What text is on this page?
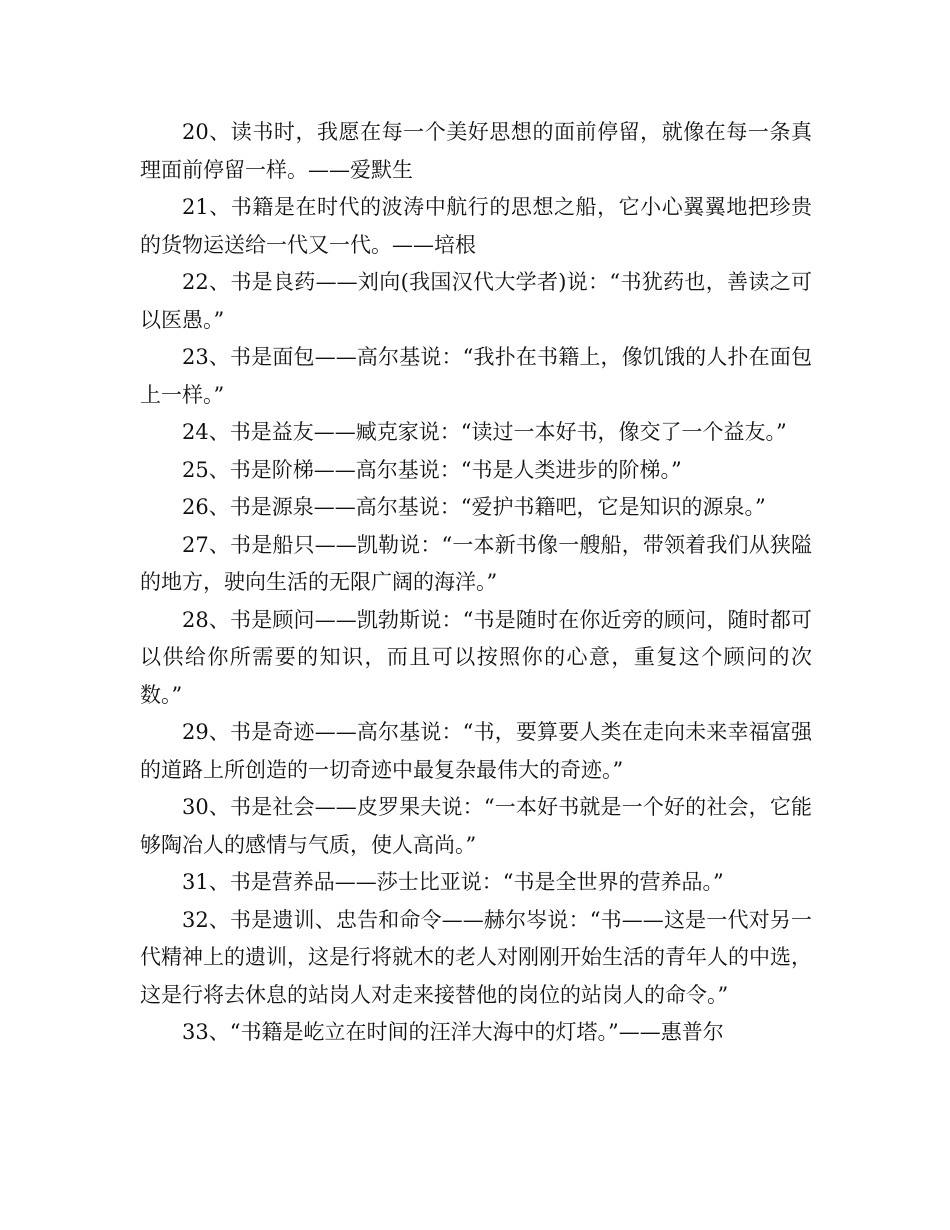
20、读书时，我愿在每一个美好思想的面前停留，就像在每一条真理面前停留一样。——爱默生

21、书籍是在时代的波涛中航行的思想之船，它小心翼翼地把珍贵的货物运送给一代又一代。——培根

22、书是良药——刘向(我国汉代大学者)说：“书犹药也，善读之可以医愚。”

23、书是面包——高尔基说：“我扑在书籍上，像饥饿的人扑在面包上一样。”

24、书是益友——臧克家说：“读过一本好书，像交了一个益友。”

25、书是阶梯——高尔基说：“书是人类进步的阶梯。”

26、书是源泉——高尔基说：“爱护书籍吧，它是知识的源泉。”

27、书是船只——凯勒说：“一本新书像一艘船，带领着我们从狭隘的地方，驶向生活的无限广阔的海洋。”

28、书是顾问——凯勃斯说：“书是随时在你近旁的顾问，随时都可以供给你所需要的知识，而且可以按照你的心意，重复这个顾问的次数。”

29、书是奇迹——高尔基说：“书，要算要人类在走向未来幸福富强的道路上所创造的一切奇迹中最复杂最伟大的奇迹。”

30、书是社会——皮罗果夫说：“一本好书就是一个好的社会，它能够陶冶人的感情与气质，使人高尚。”

31、书是营养品——莎士比亚说：“书是全世界的营养品。”

32、书是遗训、忠告和命令——赫尔岑说：“书——这是一代对另一代精神上的遗训，这是行将就木的老人对刚刚开始生活的青年人的中选，这是行将去休息的站岗人对走来接替他的岗位的站岗人的命令。”

33、“书籍是屹立在时间的汪洋大海中的灯塔。”——惠普尔
